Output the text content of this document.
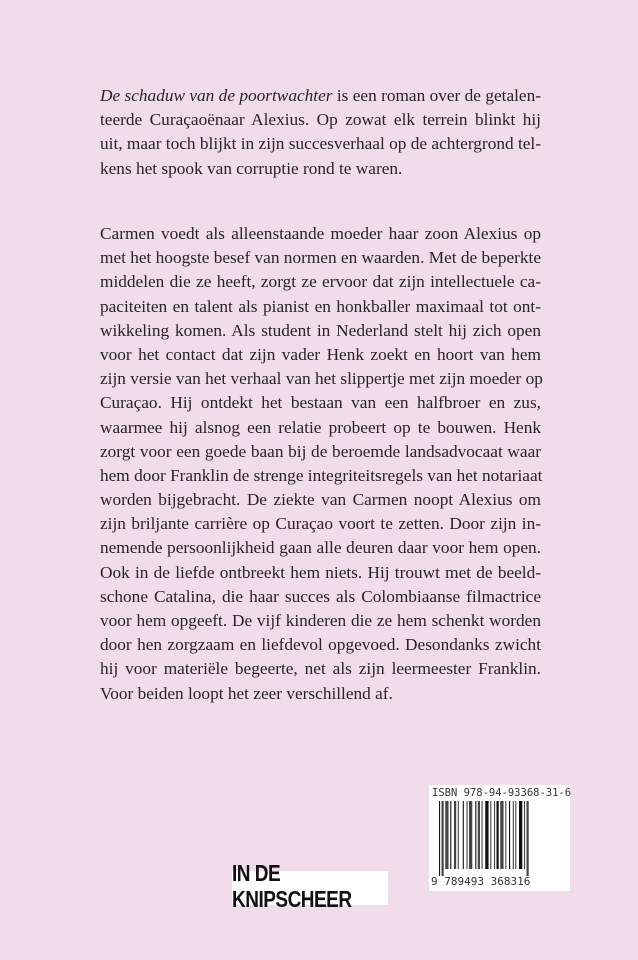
De schaduw van de poortwachter is een roman over de getalen-
teerde Curaçaoënaar Alexius. Op zowat elk terrein blinkt hij
uit, maar toch blijkt in zijn succesverhaal op de achtergrond tel-
kens het spook van corruptie rond te waren.
Carmen voedt als alleenstaande moeder haar zoon Alexius op
met het hoogste besef van normen en waarden. Met de beperkte
middelen die ze heeft, zorgt ze ervoor dat zijn intellectuele ca-
paciteiten en talent als pianist en honkballer maximaal tot ont-
wikkeling komen. Als student in Nederland stelt hij zich open
voor het contact dat zijn vader Henk zoekt en hoort van hem
zijn versie van het verhaal van het slippertje met zijn moeder op
Curaçao. Hij ontdekt het bestaan van een halfbroer en zus,
waarmee hij alsnog een relatie probeert op te bouwen. Henk
zorgt voor een goede baan bij de beroemde landsadvocaat waar
hem door Franklin de strenge integriteitsregels van het notariaat
worden bijgebracht. De ziekte van Carmen noopt Alexius om
zijn briljante carrière op Curaçao voort te zetten. Door zijn in-
nemende persoonlijkheid gaan alle deuren daar voor hem open.
Ook in de liefde ontbreekt hem niets. Hij trouwt met de beeld-
schone Catalina, die haar succes als Colombiaanse filmactrice
voor hem opgeeft. De vijf kinderen die ze hem schenkt worden
door hen zorgzaam en liefdevol opgevoed. Desondanks zwicht
hij voor materiële begeerte, net als zijn leermeester Franklin.
Voor beiden loopt het zeer verschillend af.
ISBN 978-94-93368-31-6
9 789493 368316
IN DE KNIPSCHEER
